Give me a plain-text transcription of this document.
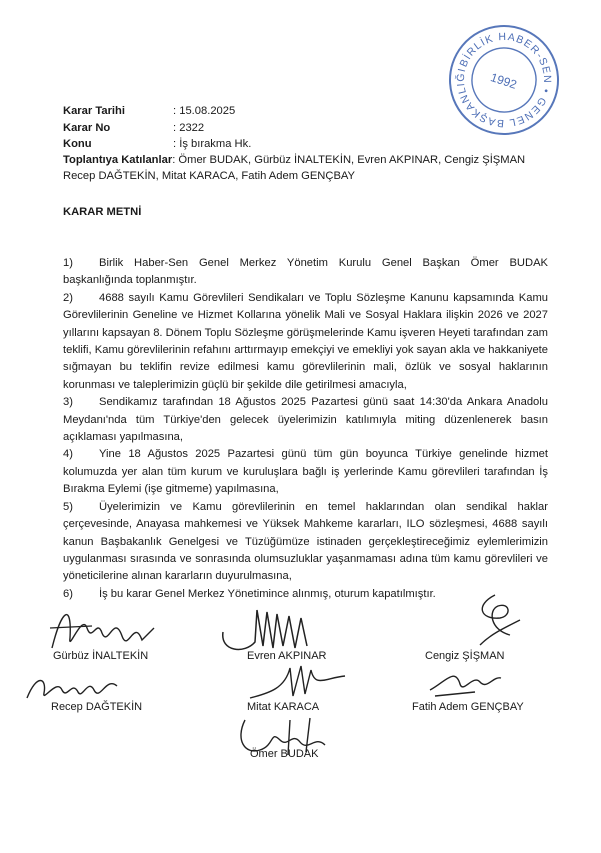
BİRLİK HABER-SEN • GENEL BAŞKANLIĞI
1992
Karar Tarihi	: 15.08.2025
Karar No	: 2322
Konu	: İş bırakma Hk.
Toplantıya Katılanlar: Ömer BUDAK, Gürbüz İNALTEKİN, Evren AKPINAR, Cengiz ŞİŞMAN Recep DAĞTEKİN, Mitat KARACA, Fatih Adem GENÇBAY
KARAR METNİ

1) Birlik Haber-Sen Genel Merkez Yönetim Kurulu Genel Başkan Ömer BUDAK başkanlığında toplanmıştır.

2) 4688 sayılı Kamu Görevlileri Sendikaları ve Toplu Sözleşme Kanunu kapsamında Kamu Görevlilerinin Geneline ve Hizmet Kollarına yönelik Mali ve Sosyal Haklara ilişkin 2026 ve 2027 yıllarını kapsayan 8. Dönem Toplu Sözleşme görüşmelerinde Kamu işveren Heyeti tarafından zam teklifi, Kamu görevlilerinin refahını arttırmayıp emekçiyi ve emekliyi yok sayan akla ve hakkaniyete sığmayan bu teklifin revize edilmesi kamu görevlilerinin mali, özlük ve sosyal haklarının korunması ve taleplerimizin güçlü bir şekilde dile getirilmesi amacıyla,

3) Sendikamız tarafından 18 Ağustos 2025 Pazartesi günü saat 14:30'da Ankara Anadolu Meydanı'nda tüm Türkiye'den gelecek üyelerimizin katılımıyla miting düzenlenerek basın açıklaması yapılmasına,

4) Yine 18 Ağustos 2025 Pazartesi günü tüm gün boyunca Türkiye genelinde hizmet kolumuzda yer alan tüm kurum ve kuruluşlara bağlı iş yerlerinde Kamu görevlileri tarafından İş Bırakma Eylemi (işe gitmeme) yapılmasına,

5) Üyelerimizin ve Kamu görevlilerinin en temel haklarından olan sendikal haklar çerçevesinde, Anayasa mahkemesi ve Yüksek Mahkeme kararları, ILO sözleşmesi, 4688 sayılı kanun Başbakanlık Genelgesi ve Tüzüğümüze istinaden gerçekleştireceğimiz eylemlerimizin uygulanması sırasında ve sonrasında olumsuzluklar yaşanmaması adına tüm kamu görevlileri ve yöneticilerine alınan kararların duyurulmasına,

6) İş bu karar Genel Merkez Yönetimince alınmış, oturum kapatılmıştır.

Gürbüz İNALTEKİN	Evren AKPINAR	Cengiz ŞİŞMAN
Recep DAĞTEKİN	Mitat KARACA	Fatih Adem GENÇBAY
Ömer BUDAK
